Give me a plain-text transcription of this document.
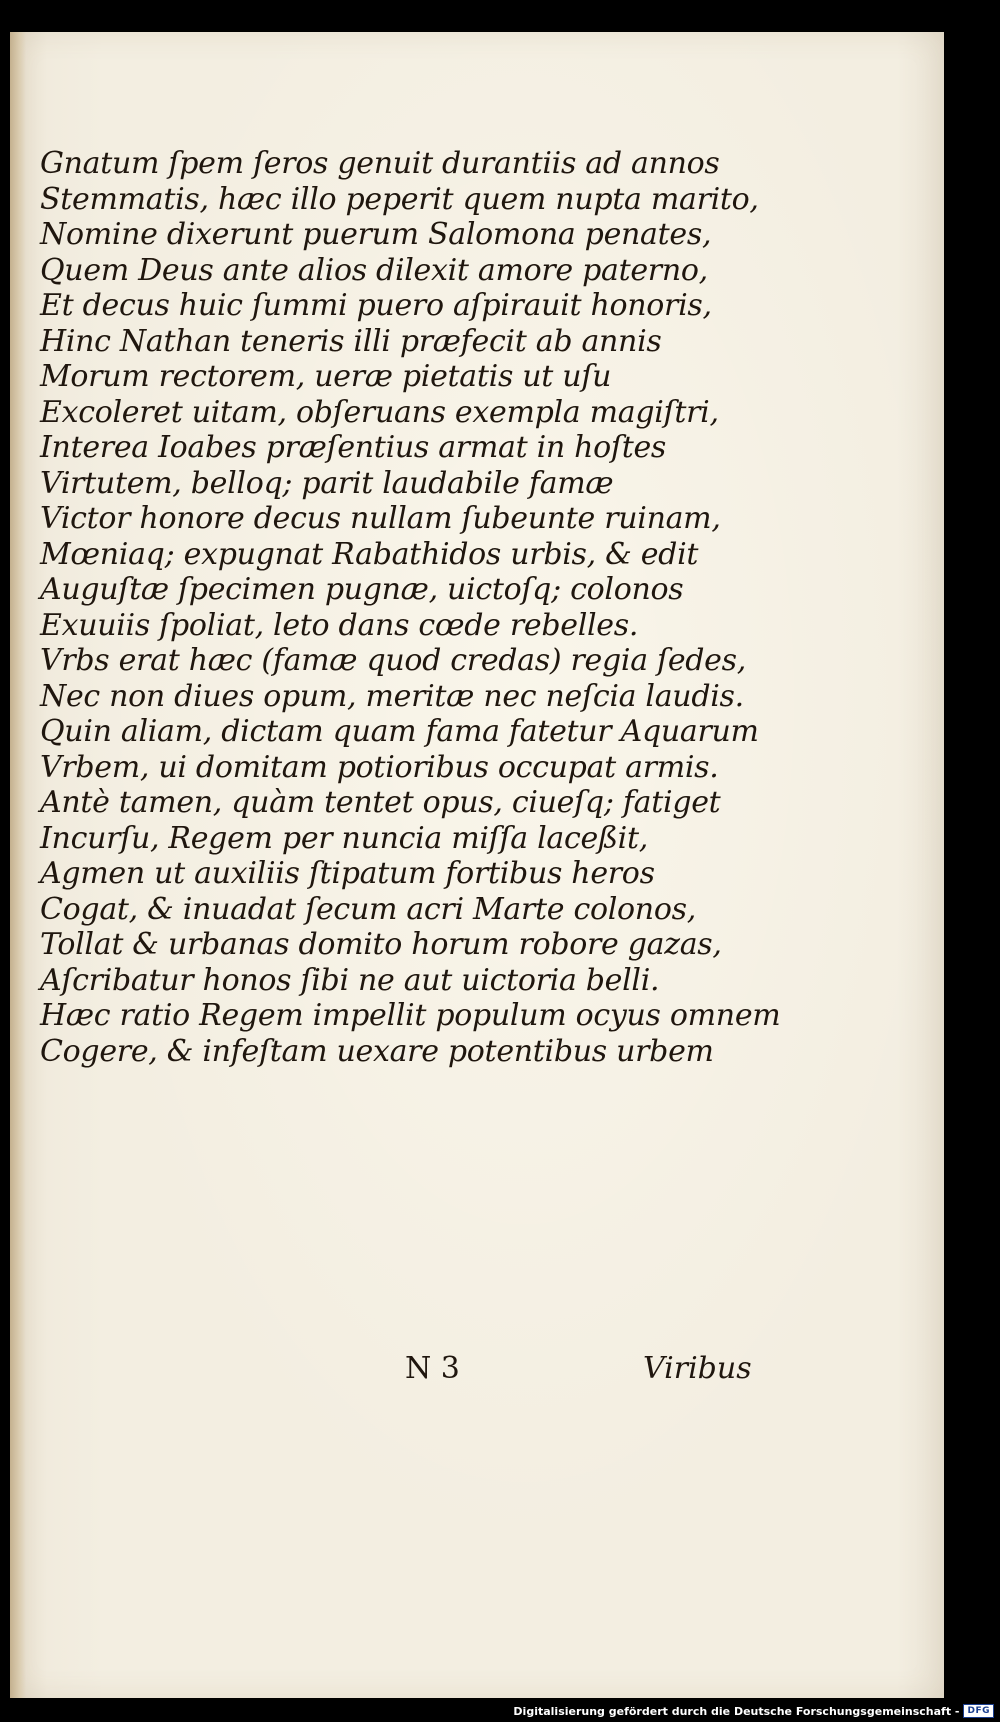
Gnatum ſpem ſeros genuit durantiis ad annos
Stemmatis, hæc illo peperit quem nupta marito,
Nomine dixerunt puerum Salomona penates,
Quem Deus ante alios dilexit amore paterno,
Et decus huic ſummi puero aſpirauit honoris,
Hinc Nathan teneris illi præfecit ab annis
Morum rectorem, ueræ pietatis ut uſu
Excoleret uitam, obſeruans exempla magiſtri,
Interea Ioabes præſentius armat in hoſtes
Virtutem, belloq; parit laudabile famæ
Victor honore decus nullam ſubeunte ruinam,
Mœniaq; expugnat Rabathidos urbis, & edit
Auguſtæ ſpecimen pugnæ, uictoſq; colonos
Exuuiis ſpoliat, leto dans cœde rebelles.
Vrbs erat hæc (famæ quod credas) regia ſedes,
Nec non diues opum, meritæ nec neſcia laudis.
Quin aliam, dictam quam fama fatetur Aquarum
Vrbem, ui domitam potioribus occupat armis.
Antè tamen, quàm tentet opus, ciueſq; fatiget
Incurſu, Regem per nuncia miſſa laceßit,
Agmen ut auxiliis ſtipatum fortibus heros
Cogat, & inuadat ſecum acri Marte colonos,
Tollat & urbanas domito horum robore gazas,
Aſcribatur honos ſibi ne aut uictoria belli.
Hæc ratio Regem impellit populum ocyus omnem
Cogere, & infeſtam uexare potentibus urbem
N 3	Viribus
Digitalisierung gefördert durch die Deutsche Forschungsgemeinschaft - DFG
